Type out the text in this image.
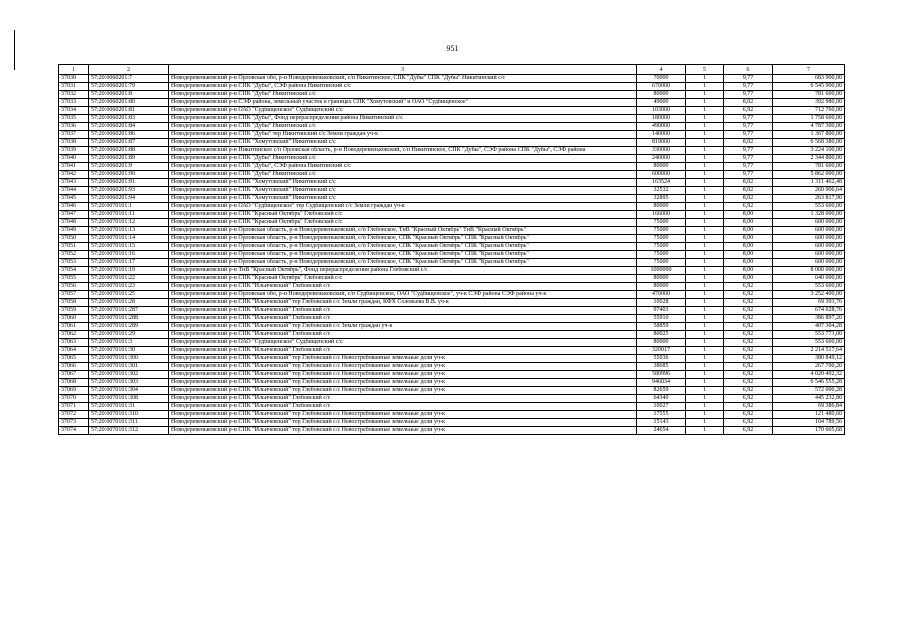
951
1	2	3	4	5	6	7
37030	57:20:0060201:7	Новодеревеньковский р-н Орловская обл, р-н Новодеревеньковский, с/п Никитинское, СПК "Дубы" СПК "Дубы" Никитинский с/с	70000	1	9,77	683 900,00
37031	57:20:0060201:79	Новодеревеньковский р-н СПК "Дубы", СЭФ района Никитинский с/с	670000	1	9,77	6 545 900,00
37032	57:20:0060201:8	Новодеревеньковский р-н СПК "Дубы" Никитинский с/с	80000	1	9,77	781 600,00
37033	57:20:0060201:80	Новодеревеньковский р-н СЭФ района, земельный участок в границах СПК "Хомутовский" и ОАО "Судбищенское"	49000	1	8,02	392 980,00
37034	57:20:0060201:81	Новодеревеньковский р-н ОАО "Судбищенское" Судбищенский с/с	103000	1	6,92	712 760,00
37035	57:20:0060201:83	Новодеревеньковский р-н СПК "Дубы", Фонд перераспределения района Никитинский с/с	180000	1	9,77	1 758 600,00
37036	57:20:0060201:84	Новодеревеньковский р-н СПК "Дубы" Никитинский с/с	490000	1	9,77	4 787 300,00
37037	57:20:0060201:86	Новодеревеньковский р-н СПК "Дубы" тер Никитинский с/с Земли граждан уч-к	140000	1	9,77	1 367 800,00
37038	57:20:0060201:87	Новодеревеньковский р-н СПК "Хомутовский" Никитинский с/с	819000	1	8,02	6 568 380,00
37039	57:20:0060201:88	Новодеревеньковский р-н Никитинское с/п Орловская область, р-н Новодеревеньковский, с/п Никитинское, СПК "Дубы", СЭФ района СПК "Дубы", СЭФ района	330000	1	9,77	3 224 100,00
37040	57:20:0060201:89	Новодеревеньковский р-н СПК "Дубы" Никитинский с/с	240000	1	9,77	2 344 800,00
37041	57:20:0060201:9	Новодеревеньковский р-н СПК "Дубы", СЭФ района Никитинский с/с	80000	1	9,77	781 600,00
37042	57:20:0060201:90	Новодеревеньковский р-н СПК "Дубы" Никитинский с/с	600000	1	9,77	5 862 000,00
37043	57:20:0060201:91	Новодеревеньковский р-н СПК "Хомутовский" Никитинский с/с	163524	1	8,02	1 311 462,48
37044	57:20:0060201:93	Новодеревеньковский р-н СПК "Хомутовский" Никитинский с/с	32532	1	8,02	260 906,64
37045	57:20:0060201:94	Новодеревеньковский р-н СПК "Хомутовский" Никитинский с/с	32895	1	8,02	263 817,90
37046	57:20:0070101:1	Новодеревеньковский р-н ОАО "Судбищенское" тер Судбищенский с/с Земли граждан уч-к	80000	1	6,92	553 600,00
37047	57:20:0070101:11	Новодеревеньковский р-н СПК "Красный Октябрь" Глебовский с/с	166000	1	8,00	1 328 000,00
37048	57:20:0070101:12	Новодеревеньковский р-н СПК "Красный Октябрь" Глебовский с/с	75000	1	8,00	600 000,00
37049	57:20:0070101:13	Новодеревеньковский р-н Орловская область, р-н Новодеревеньковский, с/п Глебовское, ТнВ "Красный Октябрь" ТнВ "Красный Октябрь"	75000	1	8,00	600 000,00
37050	57:20:0070101:14	Новодеревеньковский р-н Орловская область, р-н Новодеревеньковский, с/п Глебовское, СПК "Красный Октябрь" СПК "Красный Октябрь"	75000	1	8,00	600 000,00
37051	57:20:0070101:15	Новодеревеньковский р-н Орловская область, р-н Новодеревеньковский, с/п Глебовское, СПК "Красный Октябрь" СПК "Красный Октябрь"	75000	1	8,00	600 000,00
37052	57:20:0070101:16	Новодеревеньковский р-н Орловская область, р-н Новодеревеньковский, с/п Глебовское, СПК "Красный Октябрь" СПК "Красный Октябрь"	75000	1	8,00	600 000,00
37053	57:20:0070101:17	Новодеревеньковский р-н Орловская область, р-н Новодеревеньковский, с/п Глебовское, СПК "Красный Октябрь" СПК "Красный Октябрь"	75000	1	8,00	600 000,00
37054	57:20:0070101:19	Новодеревеньковский р-н ТнВ "Красный Октябрь", Фонд перераспределения района Глебовский с/с	1000000	1	8,00	8 000 000,00
37055	57:20:0070101:22	Новодеревеньковский р-н СПК "Красный Октябрь" Глебовский с/с	80000	1	8,00	640 000,00
37056	57:20:0070101:23	Новодеревеньковский р-н СПК "Ильичевский" Глебовский с/с	80000	1	6,92	553 600,00
37057	57:20:0070101:25	Новодеревеньковский р-н Орловская обл, р-н Новодеревеньковский, с/п Судбищенское, ОАО "Судбищенское", уч-к СЭФ района СЭФ района уч-к	470000	1	6,92	3 252 400,00
37058	57:20:0070101:28	Новодеревеньковский р-н СПК "Ильичевский" тер Глебовский с/с Земли граждан, КФХ Соловьева В.В. уч-к	10028	1	6,92	69 393,76
37059	57:20:0070101:287	Новодеревеньковский р-н СПК "Ильичевский" Глебовский с/с	97403	1	6,92	674 028,76
37060	57:20:0070101:288	Новодеревеньковский р-н СПК "Ильичевский" Глебовский с/с	55910	1	6,92	386 897,20
37061	57:20:0070101:289	Новодеревеньковский р-н СПК "Ильичевский" тер Глебовский с/с Земли граждан уч-к	58859	1	6,92	407 304,28
37062	57:20:0070101:29	Новодеревеньковский р-н СПК "Ильичевский" Глебовский с/с	80025	1	6,92	553 773,00
37063	57:20:0070101:3	Новодеревеньковский р-н ОАО "Судбищенское" Судбищенский с/с	80000	1	6,92	553 600,00
37064	57:20:0070101:30	Новодеревеньковский р-н СПК "Ильичевский" Глебовский с/с	320017	1	6,92	2 214 517,64
37065	57:20:0070101:300	Новодеревеньковский р-н СПК "Ильичевский" тер Глебовский с/с Невостребованные земельные доли уч-к	55036	1	6,92	380 849,12
37066	57:20:0070101:301	Новодеревеньковский р-н СПК "Ильичевский" тер Глебовский с/с Невостребованные земельные доли уч-к	38685	1	6,92	267 700,20
37067	57:20:0070101:302	Новодеревеньковский р-н СПК "Ильичевский" тер Глебовский с/с Невостребованные земельные доли уч-к	580996	1	6,92	4 020 492,32
37068	57:20:0070101:303	Новодеревеньковский р-н СПК "Ильичевский" тер Глебовский с/с Невостребованные земельные доли уч-к	946034	1	6,92	6 546 555,28
37069	57:20:0070101:304	Новодеревеньковский р-н СПК "Ильичевский" тер Глебовский с/с Невостребованные земельные доли уч-к	82659	1	6,92	572 000,28
37070	57:20:0070101:308	Новодеревеньковский р-н СПК "Ильичевский" Глебовский с/с	64340	1	6,92	445 232,80
37071	57:20:0070101:31	Новодеревеньковский р-н СПК "Ильичевский" Глебовский с/с	10027	1	6,92	69 386,84
37072	57:20:0070101:310	Новодеревеньковский р-н СПК "Ильичевский" тер Глебовский с/с Невостребованные земельные доли уч-к	17555	1	6,92	121 480,60
37073	57:20:0070101:311	Новодеревеньковский р-н СПК "Ильичевский" тер Глебовский с/с Невостребованные земельные доли уч-к	15143	1	6,92	104 789,56
37074	57:20:0070101:312	Новодеревеньковский р-н СПК "Ильичевский" тер Глебовский с/с Невостребованные земельные доли уч-к	24654	1	6,92	170 605,68
